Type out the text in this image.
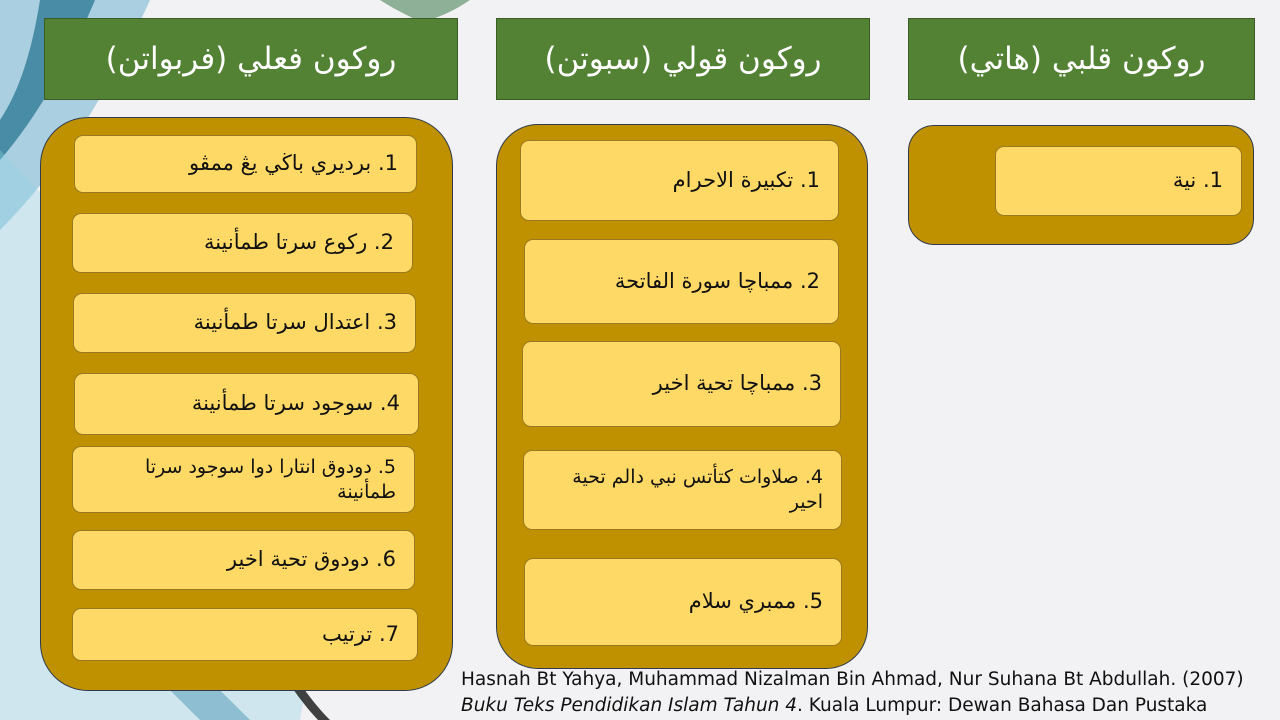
روكون فعلي (فربواتن)	روكون قولي (سبوتن)	روكون قلبي (هاتي)
1. برديري باڬي يڠ ممڤو
2. ركوع سرتا طمأنينة
3. اعتدال سرتا طمأنينة
4. سوجود سرتا طمأنينة
5. دودوق انتارا دوا سوجود سرتا طمأنينة
6. دودوق تحية اخير
7. ترتيب
1. تكبيرة الاحرام
2. ممباچا سورة الفاتحة
3. ممباچا تحية اخير
4. صلاوات كتأتس نبي دالم تحية احير
5. ممبري سلام
1. نية
Hasnah Bt Yahya, Muhammad Nizalman Bin Ahmad, Nur Suhana Bt Abdullah. (2007)
Buku Teks Pendidikan Islam Tahun 4. Kuala Lumpur: Dewan Bahasa Dan Pustaka
